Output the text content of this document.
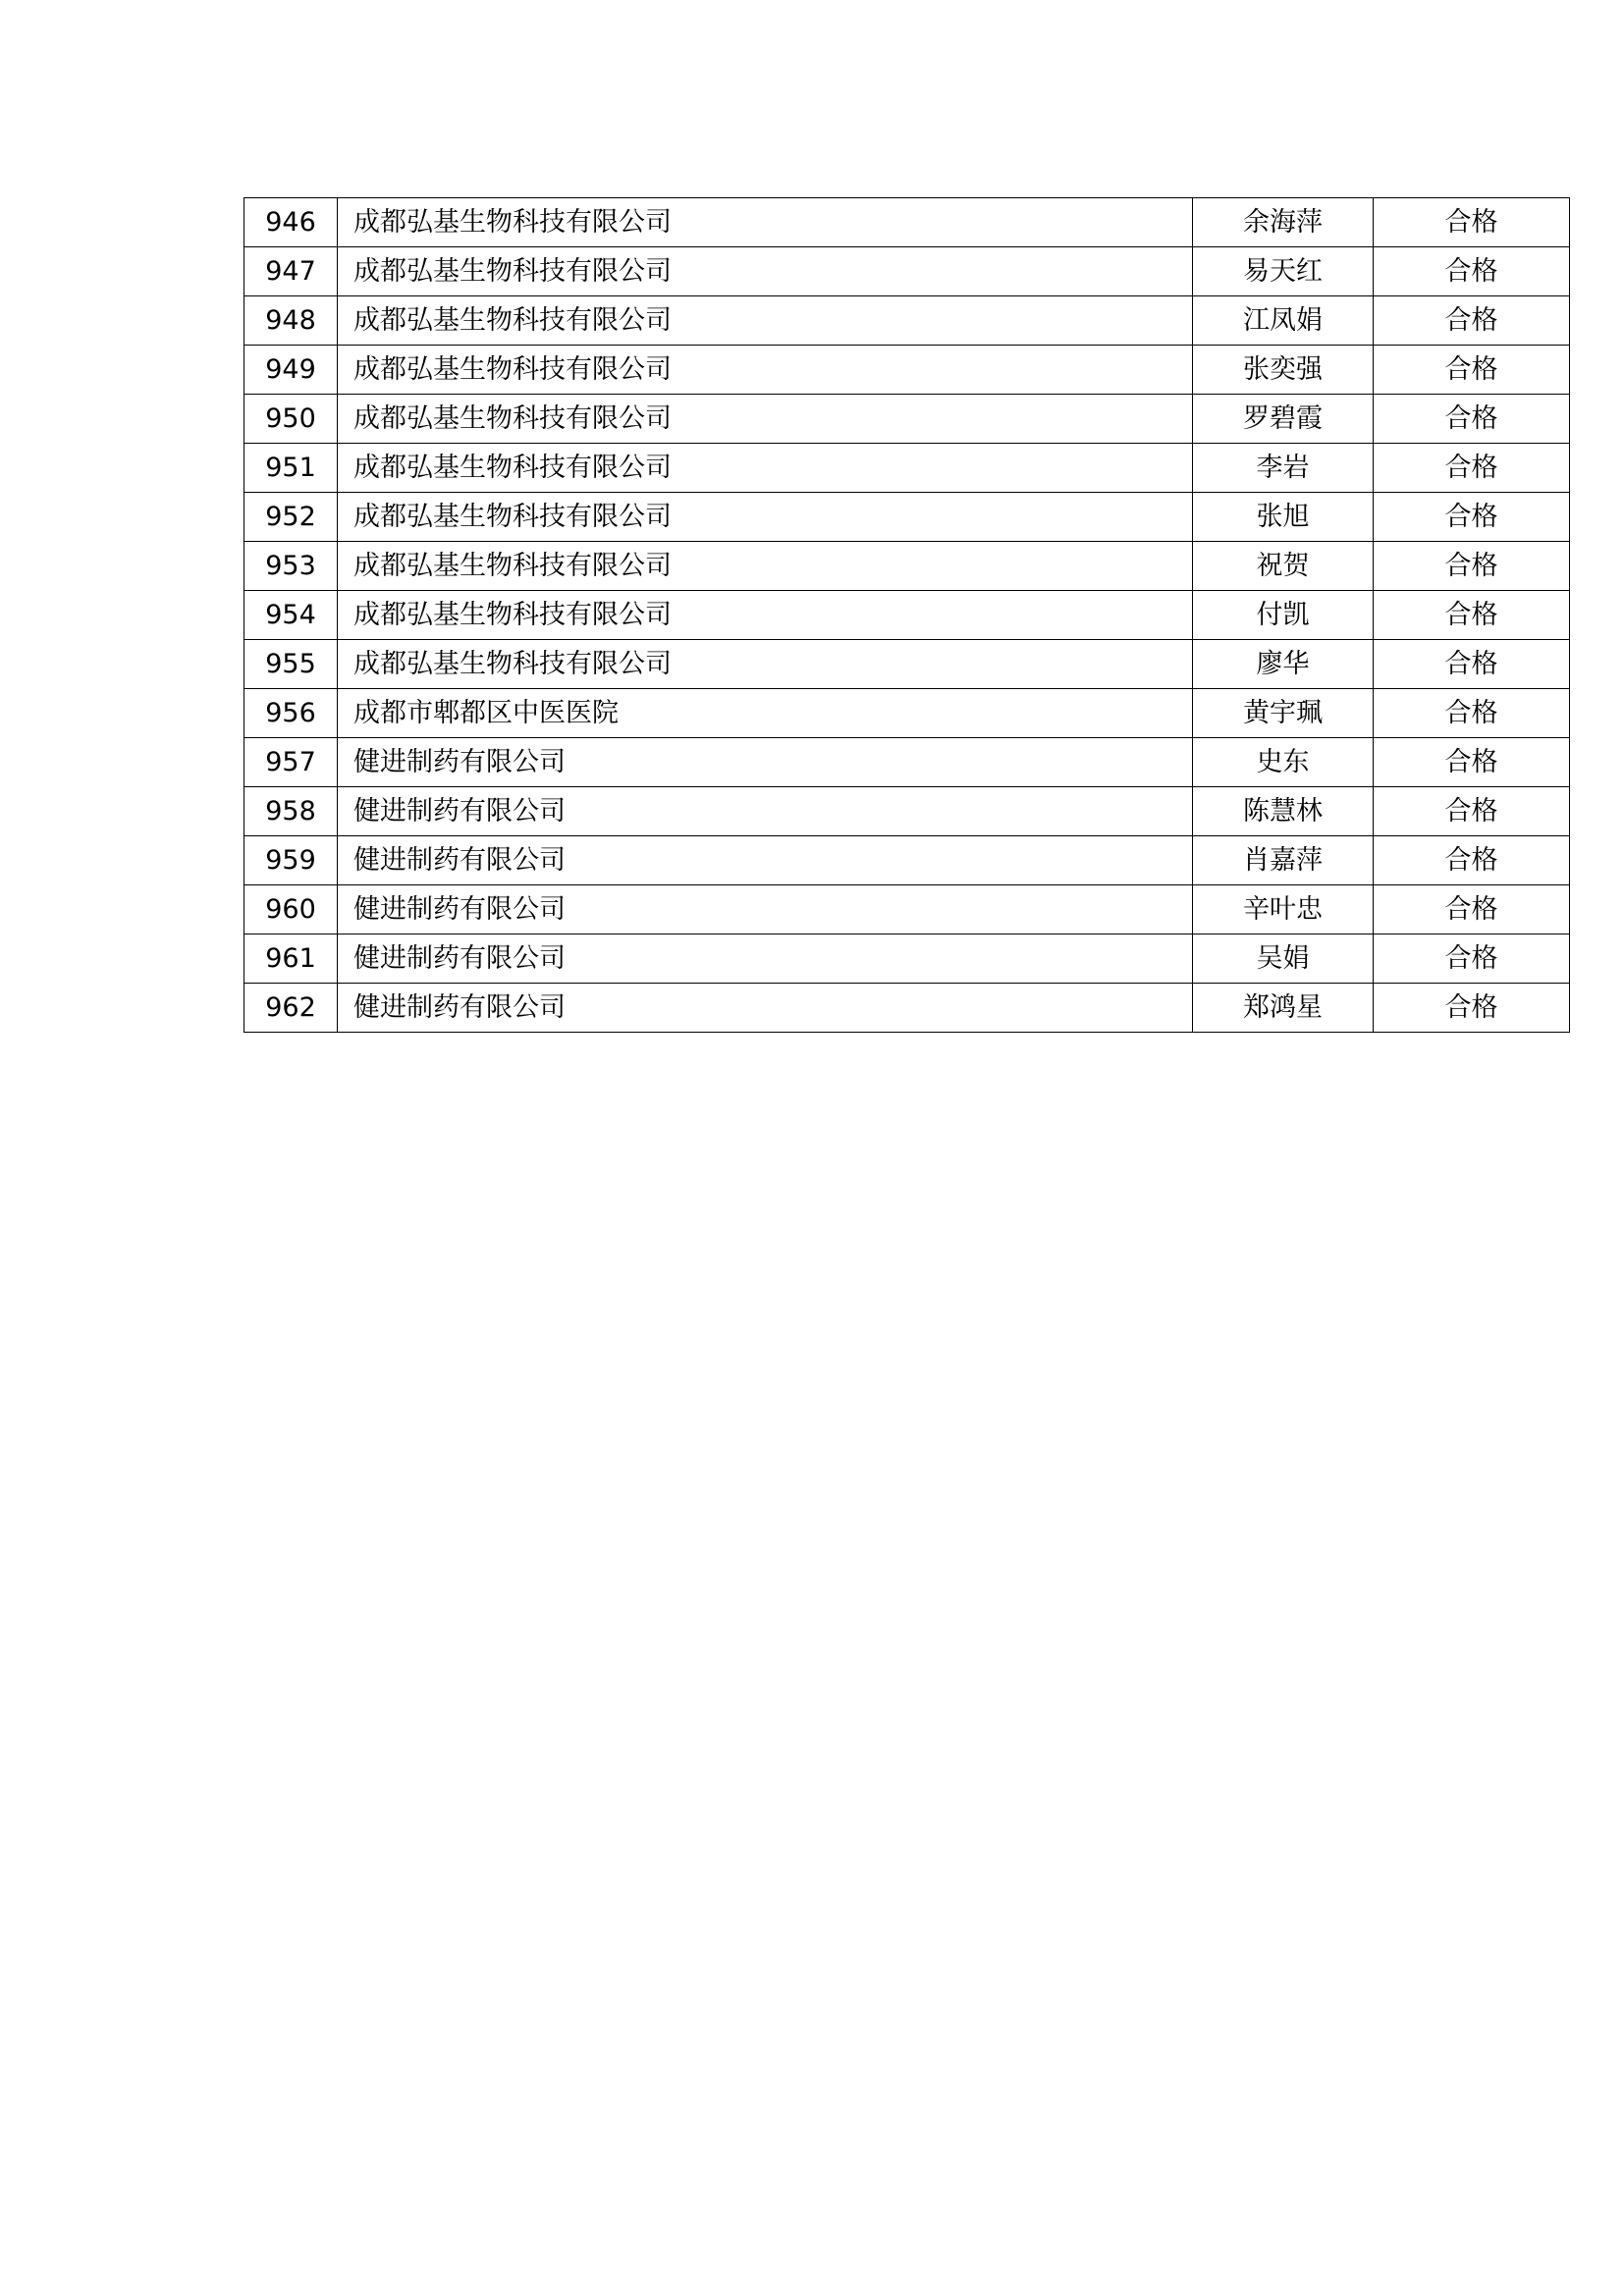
946	成都弘基生物科技有限公司	余海萍	合格
947	成都弘基生物科技有限公司	易天红	合格
948	成都弘基生物科技有限公司	江凤娟	合格
949	成都弘基生物科技有限公司	张奕强	合格
950	成都弘基生物科技有限公司	罗碧霞	合格
951	成都弘基生物科技有限公司	李岩	合格
952	成都弘基生物科技有限公司	张旭	合格
953	成都弘基生物科技有限公司	祝贺	合格
954	成都弘基生物科技有限公司	付凯	合格
955	成都弘基生物科技有限公司	廖华	合格
956	成都市郫都区中医医院	黄宇珮	合格
957	健进制药有限公司	史东	合格
958	健进制药有限公司	陈慧林	合格
959	健进制药有限公司	肖嘉萍	合格
960	健进制药有限公司	辛叶忠	合格
961	健进制药有限公司	吴娟	合格
962	健进制药有限公司	郑鸿星	合格
